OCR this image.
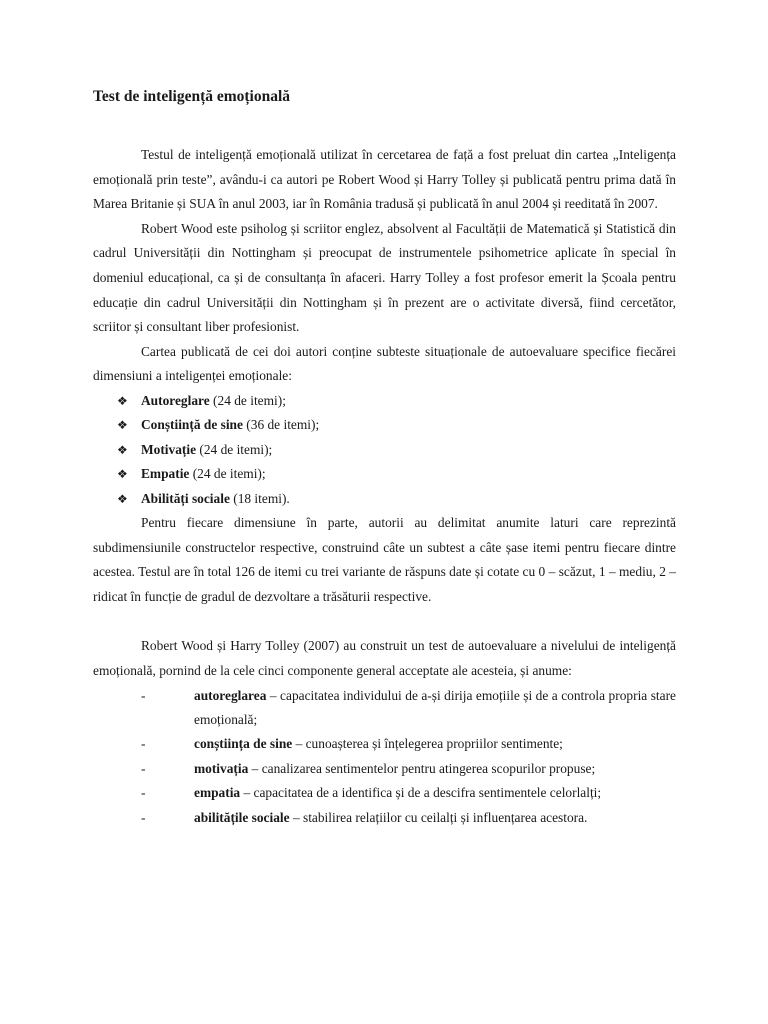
Test de inteligență emoțională

Testul de inteligență emoțională utilizat în cercetarea de față a fost preluat din cartea „Inteligența emoțională prin teste”, avându-i ca autori pe Robert Wood și Harry Tolley și publicată pentru prima dată în Marea Britanie și SUA în anul 2003, iar în România tradusă și publicată în anul 2004 și reeditată în 2007.

Robert Wood este psiholog și scriitor englez, absolvent al Facultății de Matematică și Statistică din cadrul Universității din Nottingham și preocupat de instrumentele psihometrice aplicate în special în domeniul educațional, ca și de consultanța în afaceri. Harry Tolley a fost profesor emerit la Școala pentru educație din cadrul Universității din Nottingham și în prezent are o activitate diversă, fiind cercetător, scriitor și consultant liber profesionist.

Cartea publicată de cei doi autori conține subteste situaționale de autoevaluare specifice fiecărei dimensiuni a inteligenței emoționale:

❖ Autoreglare (24 de itemi);
❖ Conștiință de sine (36 de itemi);
❖ Motivație (24 de itemi);
❖ Empatie (24 de itemi);
❖ Abilități sociale (18 itemi).

Pentru fiecare dimensiune în parte, autorii au delimitat anumite laturi care reprezintă subdimensiunile constructelor respective, construind câte un subtest a câte șase itemi pentru fiecare dintre acestea. Testul are în total 126 de itemi cu trei variante de răspuns date și cotate cu 0 – scăzut, 1 – mediu, 2 – ridicat în funcție de gradul de dezvoltare a trăsăturii respective.

Robert Wood și Harry Tolley (2007) au construit un test de autoevaluare a nivelului de inteligență emoțională, pornind de la cele cinci componente general acceptate ale acesteia, și anume:

-	autoreglarea – capacitatea individului de a-și dirija emoțiile și de a controla propria stare emoțională;
-	conștiința de sine – cunoașterea și înțelegerea propriilor sentimente;
-	motivația – canalizarea sentimentelor pentru atingerea scopurilor propuse;
-	empatia – capacitatea de a identifica și de a descifra sentimentele celorlalți;
-	abilitățile sociale – stabilirea relațiilor cu ceilalți și influențarea acestora.
